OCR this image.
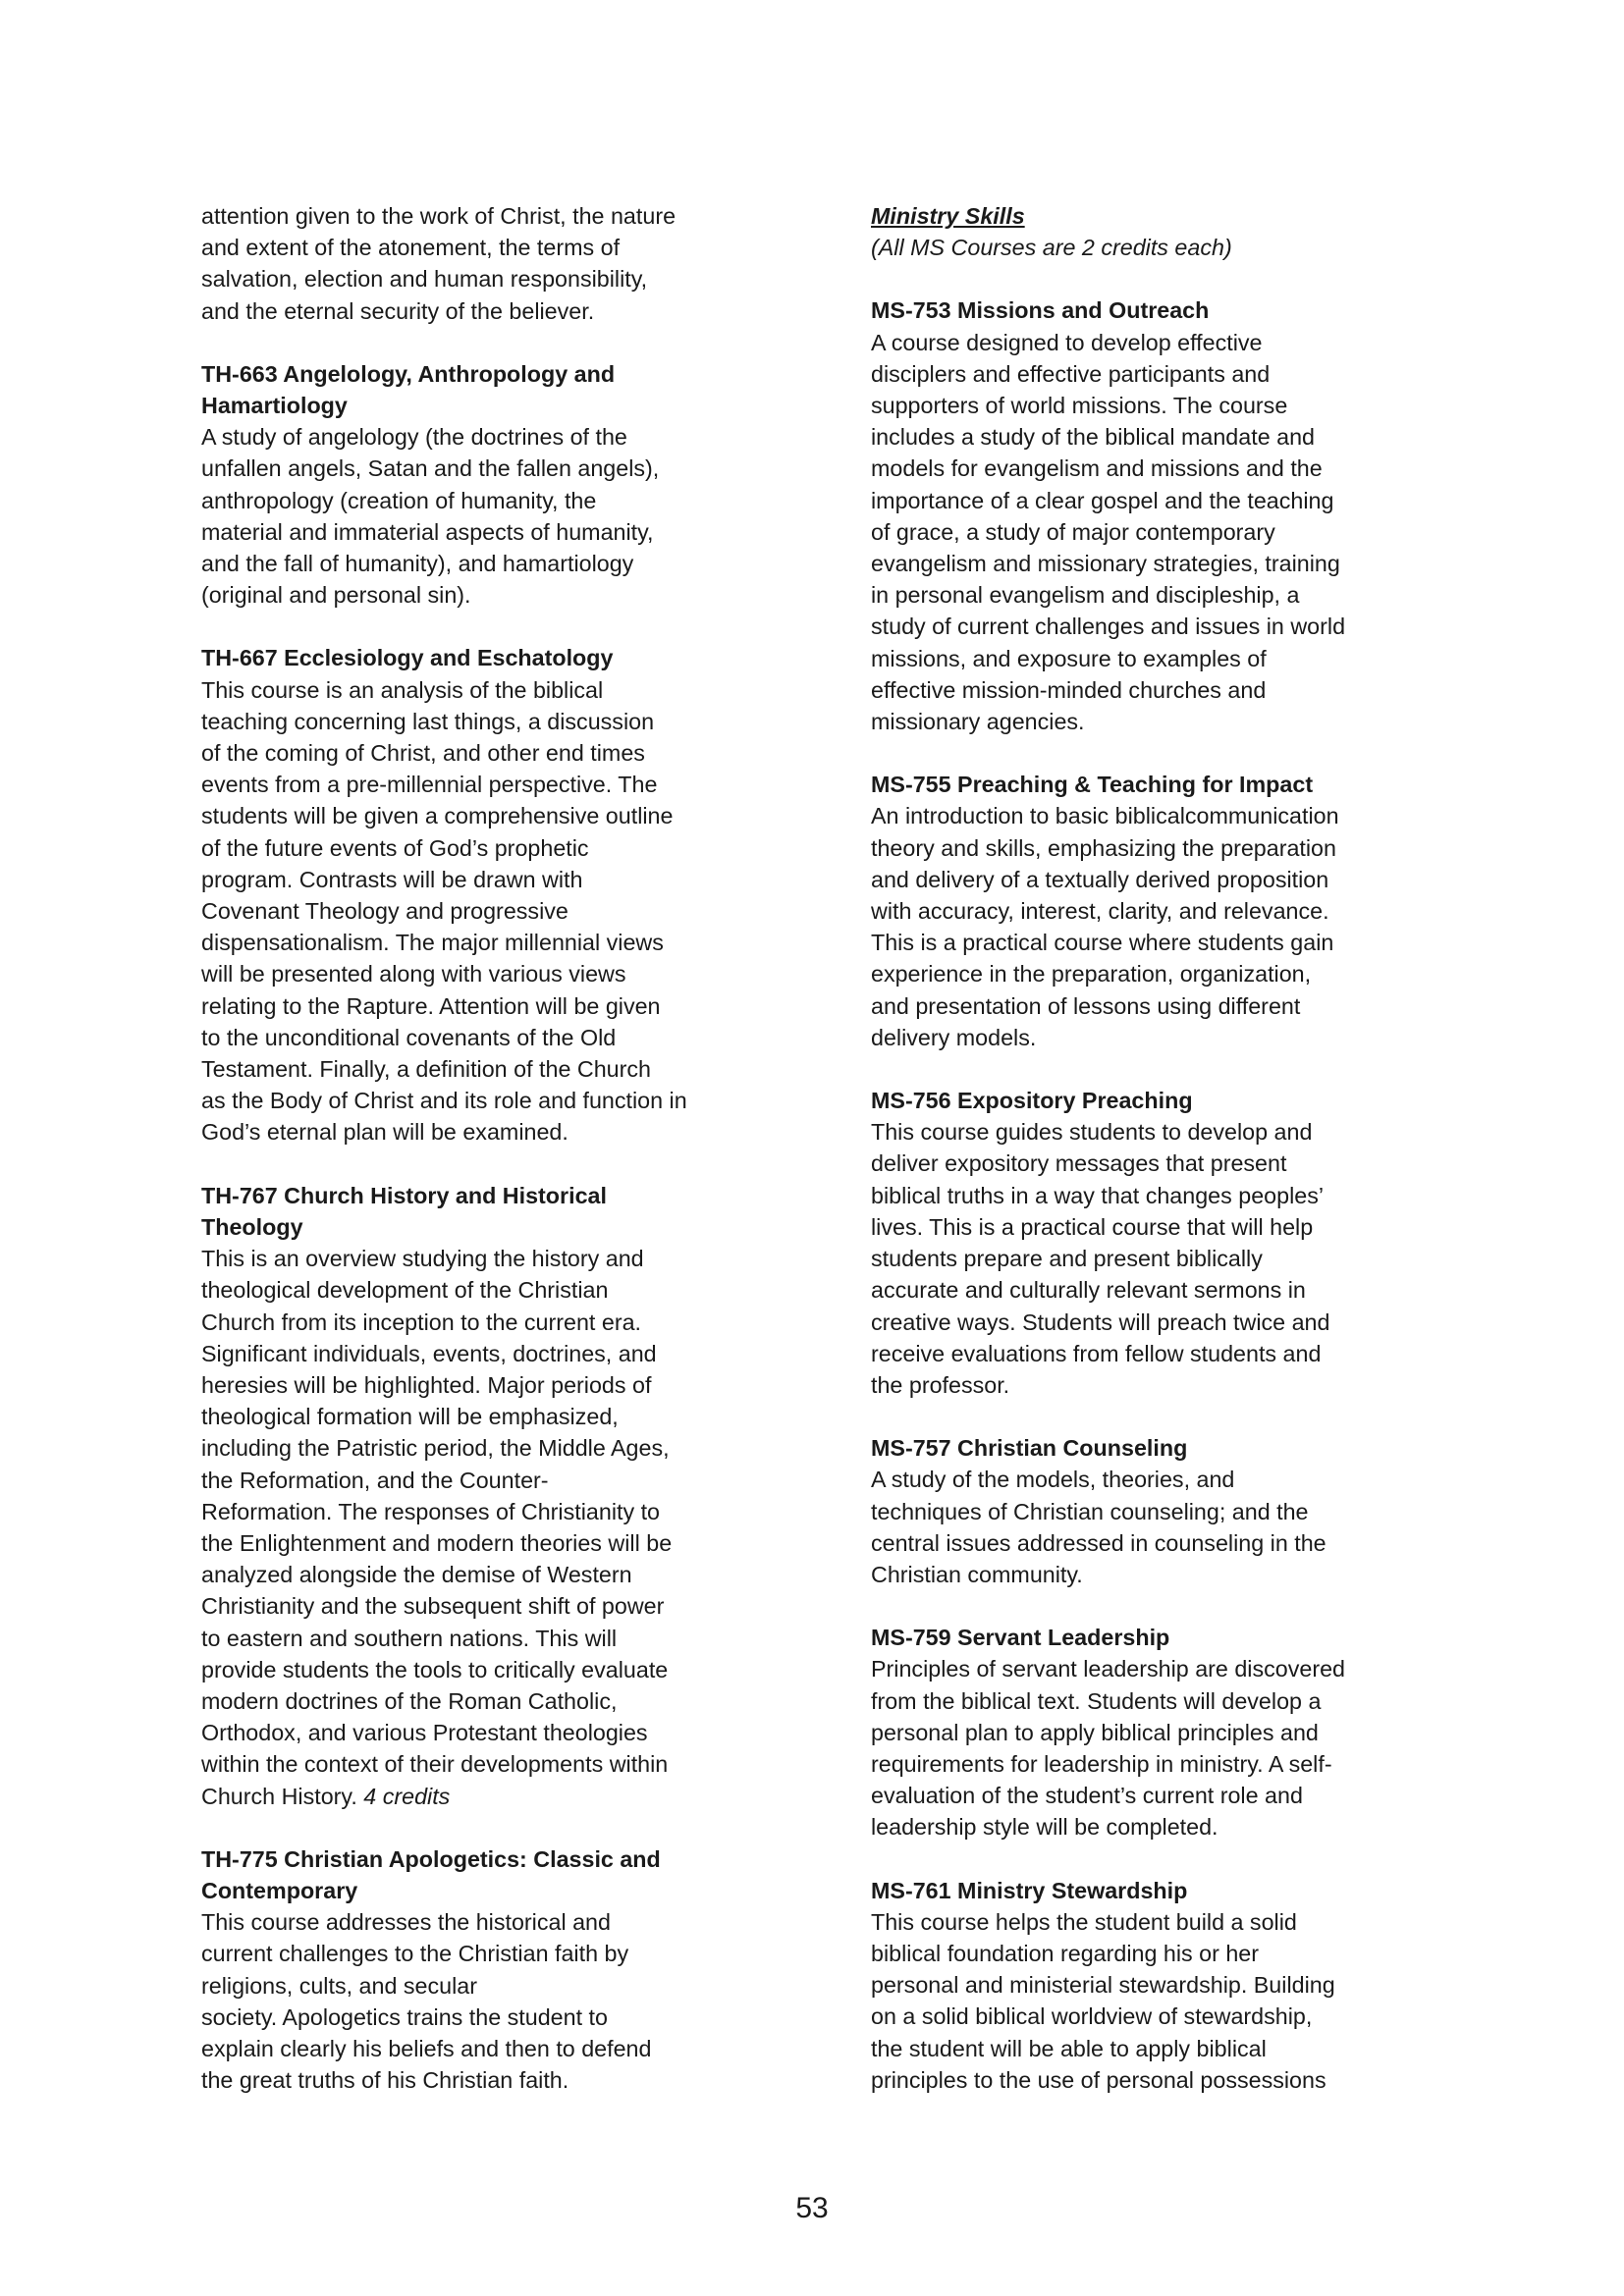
attention given to the work of Christ, the nature
and extent of the atonement, the terms of
salvation, election and human responsibility,
and the eternal security of the believer.
TH-663 Angelology, Anthropology and
Hamartiology
A study of angelology (the doctrines of the
unfallen angels, Satan and the fallen angels),
anthropology (creation of humanity, the
material and immaterial aspects of humanity,
and the fall of humanity), and hamartiology
(original and personal sin).
TH-667 Ecclesiology and Eschatology
This course is an analysis of the biblical
teaching concerning last things, a discussion
of the coming of Christ, and other end times
events from a pre-millennial perspective. The
students will be given a comprehensive outline
of the future events of God’s prophetic
program. Contrasts will be drawn with
Covenant Theology and progressive
dispensationalism. The major millennial views
will be presented along with various views
relating to the Rapture. Attention will be given
to the unconditional covenants of the Old
Testament. Finally, a definition of the Church
as the Body of Christ and its role and function in
God’s eternal plan will be examined.
TH-767 Church History and Historical
Theology
This is an overview studying the history and
theological development of the Christian
Church from its inception to the current era.
Significant individuals, events, doctrines, and
heresies will be highlighted. Major periods of
theological formation will be emphasized,
including the Patristic period, the Middle Ages,
the Reformation, and the Counter-
Reformation. The responses of Christianity to
the Enlightenment and modern theories will be
analyzed alongside the demise of Western
Christianity and the subsequent shift of power
to eastern and southern nations. This will
provide students the tools to critically evaluate
modern doctrines of the Roman Catholic,
Orthodox, and various Protestant theologies
within the context of their developments within
Church History. 4 credits
TH-775 Christian Apologetics: Classic and
Contemporary
This course addresses the historical and
current challenges to the Christian faith by
religions, cults, and secular
society. Apologetics trains the student to
explain clearly his beliefs and then to defend
the great truths of his Christian faith.
Ministry Skills
(All MS Courses are 2 credits each)
MS-753 Missions and Outreach
A course designed to develop effective
disciplers and effective participants and
supporters of world missions. The course
includes a study of the biblical mandate and
models for evangelism and missions and the
importance of a clear gospel and the teaching
of grace, a study of major contemporary
evangelism and missionary strategies, training
in personal evangelism and discipleship, a
study of current challenges and issues in world
missions, and exposure to examples of
effective mission-minded churches and
missionary agencies.
MS-755 Preaching & Teaching for Impact
An introduction to basic biblicalcommunication
theory and skills, emphasizing the preparation
and delivery of a textually derived proposition
with accuracy, interest, clarity, and relevance.
This is a practical course where students gain
experience in the preparation, organization,
and presentation of lessons using different
delivery models.
MS-756 Expository Preaching
This course guides students to develop and
deliver expository messages that present
biblical truths in a way that changes peoples’
lives. This is a practical course that will help
students prepare and present biblically
accurate and culturally relevant sermons in
creative ways. Students will preach twice and
receive evaluations from fellow students and
the professor.
MS-757 Christian Counseling
A study of the models, theories, and
techniques of Christian counseling; and the
central issues addressed in counseling in the
Christian community.
MS-759 Servant Leadership
Principles of servant leadership are discovered
from the biblical text. Students will develop a
personal plan to apply biblical principles and
requirements for leadership in ministry. A self-
evaluation of the student’s current role and
leadership style will be completed.
MS-761 Ministry Stewardship
This course helps the student build a solid
biblical foundation regarding his or her
personal and ministerial stewardship. Building
on a solid biblical worldview of stewardship,
the student will be able to apply biblical
principles to the use of personal possessions
53
